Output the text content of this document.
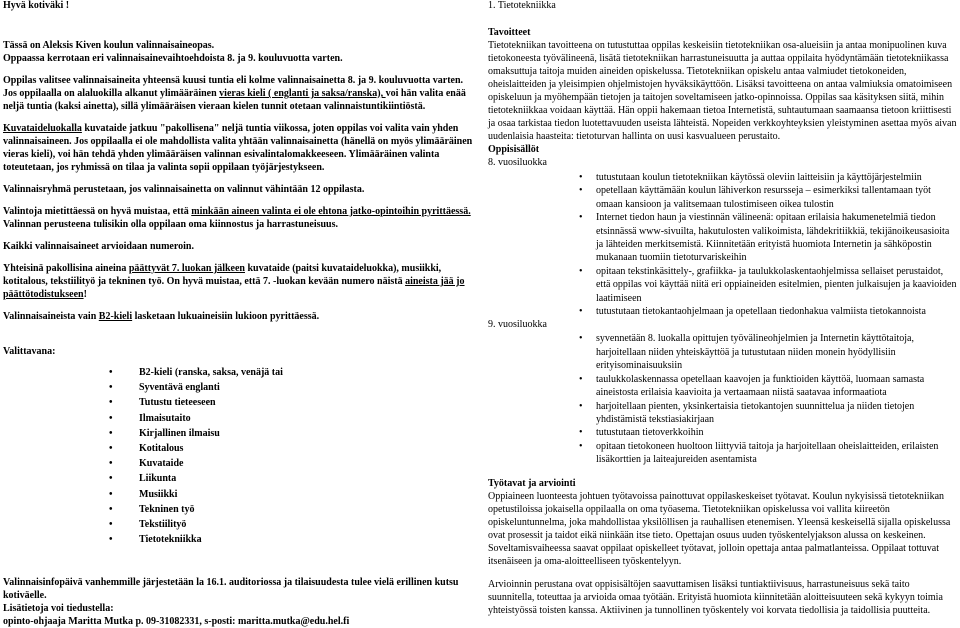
Hyvä kotiväki !

Tässä on Aleksis Kiven koulun valinnaisaineopas.

Oppaassa kerrotaan eri valinnaisainevaihtoehdoista 8. ja 9. kouluvuotta varten.

Oppilas valitsee valinnaisaineita yhteensä kuusi tuntia eli kolme valinnaisainetta 8. ja 9. kouluvuotta varten.

Jos oppilaalla on alaluokilla alkanut ylimääräinen vieras kieli ( englanti ja saksa/ranska), voi hän valita enää neljä tuntia (kaksi ainetta), sillä ylimääräisen vieraan kielen tunnit otetaan valinnaistuntikiintiöstä.

Kuvataideluokalla kuvataide jatkuu "pakollisena" neljä tuntia viikossa, joten oppilas voi valita vain yhden valinnaisaineen. Jos oppilaalla ei ole mahdollista valita yhtään valinnaisainetta (hänellä on myös ylimääräinen vieras kieli), voi hän tehdä yhden ylimääräisen valinnan esivalintalomakkeeseen. Ylimääräinen valinta toteutetaan, jos ryhmissä on tilaa ja valinta sopii oppilaan työjärjestykseen.

Valinnaisryhmä perustetaan, jos valinnaisainetta on valinnut vähintään 12 oppilasta.

Valintoja mietittäessä on hyvä muistaa, että minkään aineen valinta ei ole ehtona jatko-opintoihin pyrittäessä. Valinnan perusteena tulisikin olla oppilaan oma kiinnostus ja harrastuneisuus.

Kaikki valinnaisaineet arvioidaan numeroin.

Yhteisinä pakollisina aineina päättyvät 7. luokan jälkeen kuvataide (paitsi kuvataideluokka), musiikki, kotitalous, tekstiilityö ja tekninen työ. On hyvä muistaa, että 7. -luokan kevään numero näistä aineista jää jo päättötodistukseen!

Valinnaisaineista vain B2-kieli lasketaan lukuaineisiin lukioon pyrittäessä.

Valittavana:

• B2-kieli (ranska, saksa, venäjä tai
• Syventävä englanti
• Tutustu tieteeseen
• Ilmaisutaito
• Kirjallinen ilmaisu
• Kotitalous
• Kuvataide
• Liikunta
• Musiikki
• Tekninen työ
• Tekstiilityö
• Tietotekniikka

Valinnaisinfopäivä vanhemmille järjestetään la 16.1. auditoriossa ja tilaisuudesta tulee vielä erillinen kutsu kotiväelle.

Lisätietoja voi tiedustella:

opinto-ohjaaja Maritta Mutka p. 09-31082331, s-posti: maritta.mutka@edu.hel.fi

1. Tietotekniikka

Tavoitteet

Tietotekniikan tavoitteena on tutustuttaa oppilas keskeisiin tietotekniikan osa-alueisiin ja antaa monipuolinen kuva tietokoneesta työvälineenä, lisätä tietotekniikan harrastuneisuutta ja auttaa oppilaita hyödyntämään tietotekniikassa omaksuttuja taitoja muiden aineiden opiskelussa. Tietotekniikan opiskelu antaa valmiudet tietokoneiden, oheislaitteiden ja yleisimpien ohjelmistojen hyväksikäyttöön. Lisäksi tavoitteena on antaa valmiuksia omatoimiseen opiskeluun ja myöhempään tietojen ja taitojen soveltamiseen jatko-opinnoissa. Oppilas saa käsityksen siitä, mihin tietotekniikkaa voidaan käyttää. Hän oppii hakemaan tietoa Internetistä, suhtautumaan saamaansa tietoon kriittisesti ja osaa tarkistaa tiedon luotettavuuden useista lähteistä. Nopeiden verkkoyhteyksien yleistyminen asettaa myös aivan uudenlaisia haasteita: tietoturvan hallinta on uusi kasvualueen perustaito.

Oppisisällöt

8. vuosiluokka
• tutustutaan koulun tietotekniikan käytössä oleviin laitteisiin ja käyttöjärjestelmiin
• opetellaan käyttämään koulun lähiverkon resursseja – esimerkiksi tallentamaan työt omaan kansioon ja valitsemaan tulostimiseen oikea tulostin
• Internet tiedon haun ja viestinnän välineenä: opitaan erilaisia hakumenetelmiä tiedon etsinnässä www-sivuilta, hakutulosten valikoimista, lähdekritiikkiä, tekijänoikeusasioita ja lähteiden merkitsemistä. Kiinnitetään erityistä huomiota Internetin ja sähköpostin mukanaan tuomiin tietoturvariskeihin
• opitaan tekstinkäsittely-, grafiikka- ja taulukkolaskentaohjelmissa sellaiset perustaidot, että oppilas voi käyttää niitä eri oppiaineiden esitelmien, pienten julkaisujen ja kaavioiden laatimiseen
• tutustutaan tietokantaohjelmaan ja opetellaan tiedonhakua valmiista tietokannoista
9. vuosiluokka
• syvennetään 8. luokalla opittujen työvälineohjelmien ja Internetin käyttötaitoja, harjoitellaan niiden yhteiskäyttöä ja tutustutaan niiden monein hyödyllisiin erityisominaisuuksiin
• taulukkolaskennassa opetellaan kaavojen ja funktioiden käyttöä, luomaan samasta aineistosta erilaisia kaavioita ja vertaamaan niistä saatavaa informaatiota
• harjoitellaan pienten, yksinkertaisia tietokantojen suunnittelua ja niiden tietojen yhdistämistä tekstiasiakirjaan
• tutustutaan tietoverkkoihin
• opitaan tietokoneen huoltoon liittyviä taitoja ja harjoitellaan oheislaitteiden, erilaisten lisäkorttien ja laiteajureiden asentamista

Työtavat ja arviointi

Oppiaineen luonteesta johtuen työtavoissa painottuvat oppilaskeskeiset työtavat. Koulun nykyisissä tietotekniikan opetustiloissa jokaisella oppilaalla on oma työasema. Tietotekniikan opiskelussa voi vallita kiireetön opiskeluntunnelma, joka mahdollistaa yksilöllisen ja rauhallisen etenemisen. Yleensä keskeisellä sijalla opiskelussa ovat prosessit ja taidot eikä niinkään itse tieto. Opettajan osuus uuden työskentelyjakson alussa on keskeinen. Soveltamisvaiheessa saavat oppilaat opiskelleet työtavat, jolloin opettaja antaa palmatlanteissa. Oppilaat tottuvat itsenäiseen ja oma-aloitteelliseen työskentelyyn.

Arvioinnin perustana ovat oppisisältöjen saavuttamisen lisäksi tuntiaktiivisuus, harrastuneisuus sekä taito suunnitella, toteuttaa ja arvioida omaa työtään. Erityistä huomiota kiinnitetään aloitteisuuteen sekä kykyyn toimia yhteistyössä toisten kanssa. Aktiivinen ja tunnollinen työskentely voi korvata tiedollisia ja taidollisia puutteita.
